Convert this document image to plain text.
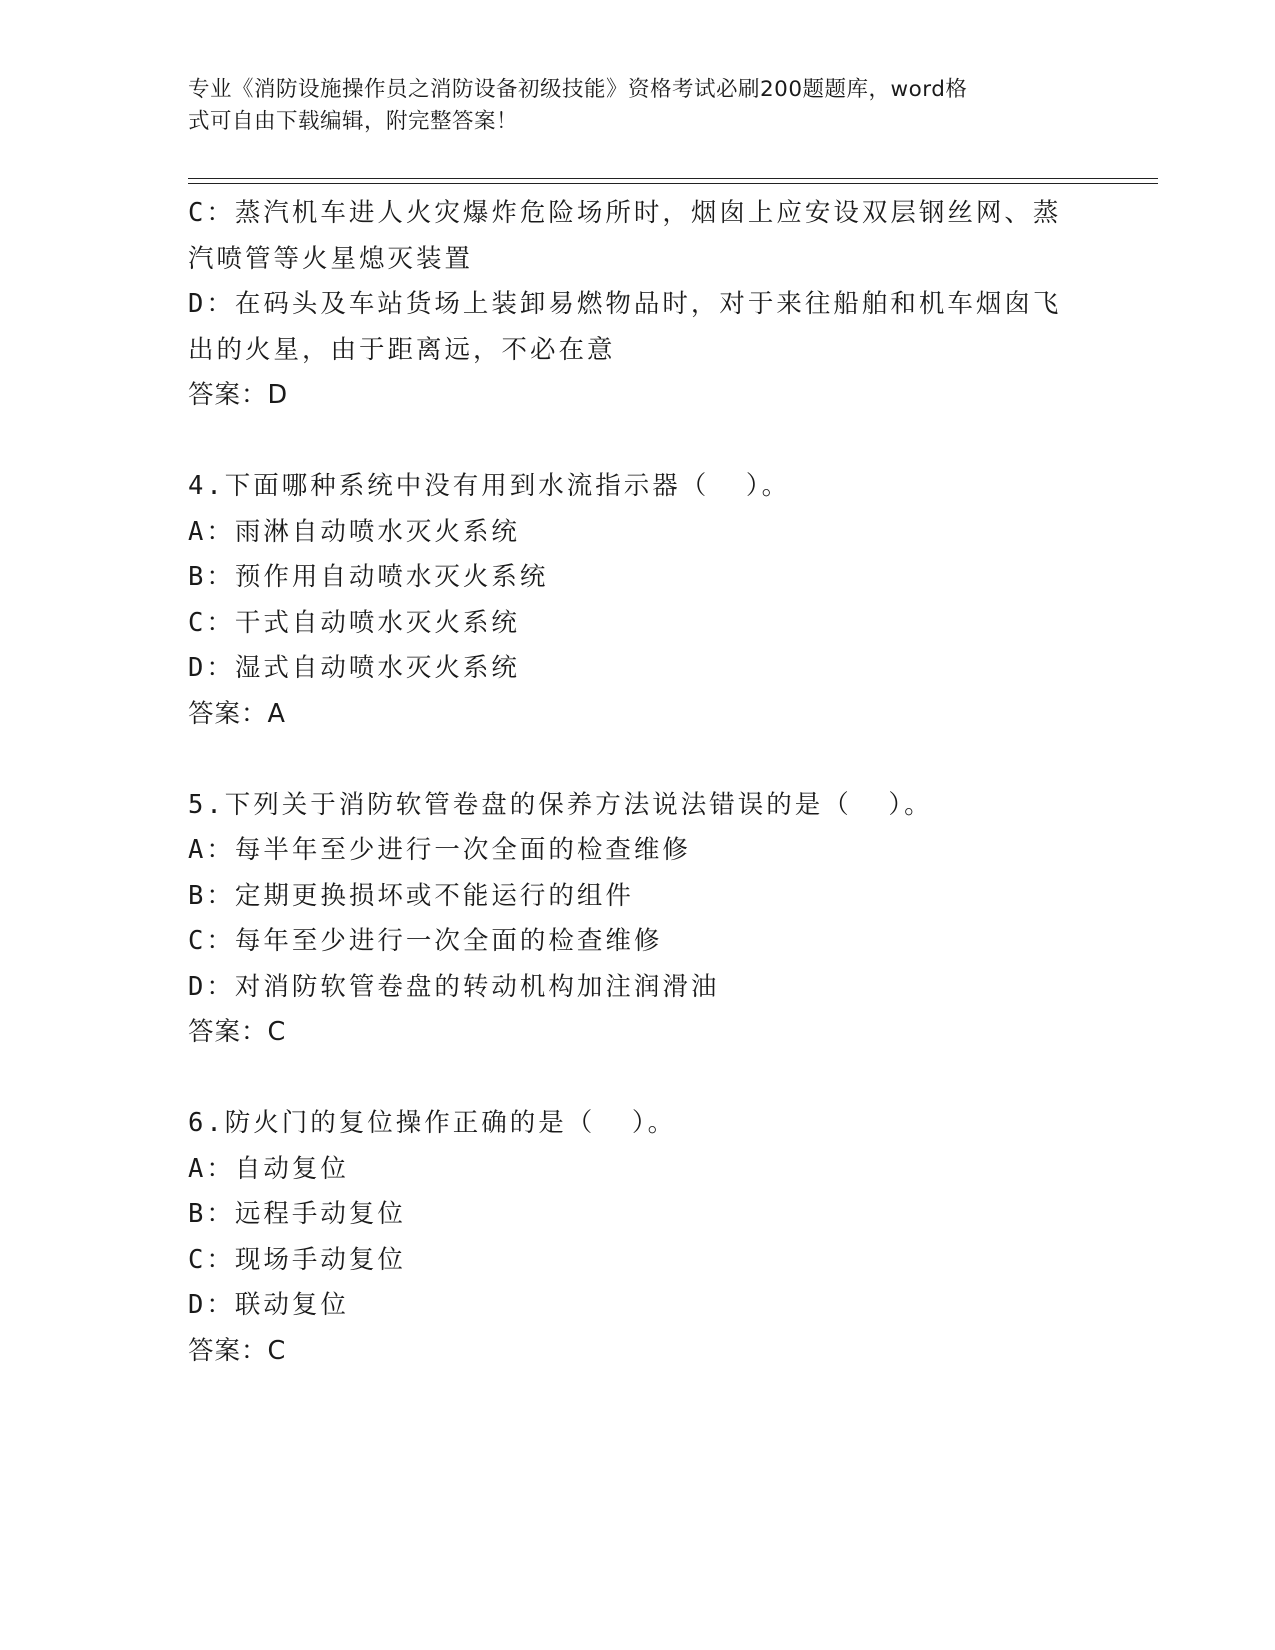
专业《消防设施操作员之消防设备初级技能》资格考试必刷200题题库，word格
式可自由下载编辑，附完整答案！
C：蒸汽机车进人火灾爆炸危险场所时，烟囱上应安设双层钢丝网、蒸
汽喷管等火星熄灭装置
D：在码头及车站货场上装卸易燃物品时，对于来往船舶和机车烟囱飞
出的火星，由于距离远，不必在意
答案：D
4.下面哪种系统中没有用到水流指示器（  ）。
A：雨淋自动喷水灭火系统
B：预作用自动喷水灭火系统
C：干式自动喷水灭火系统
D：湿式自动喷水灭火系统
答案：A
5.下列关于消防软管卷盘的保养方法说法错误的是（  ）。
A：每半年至少进行一次全面的检查维修
B：定期更换损坏或不能运行的组件
C：每年至少进行一次全面的检查维修
D：对消防软管卷盘的转动机构加注润滑油
答案：C
6.防火门的复位操作正确的是（  ）。
A：自动复位
B：远程手动复位
C：现场手动复位
D：联动复位
答案：C
